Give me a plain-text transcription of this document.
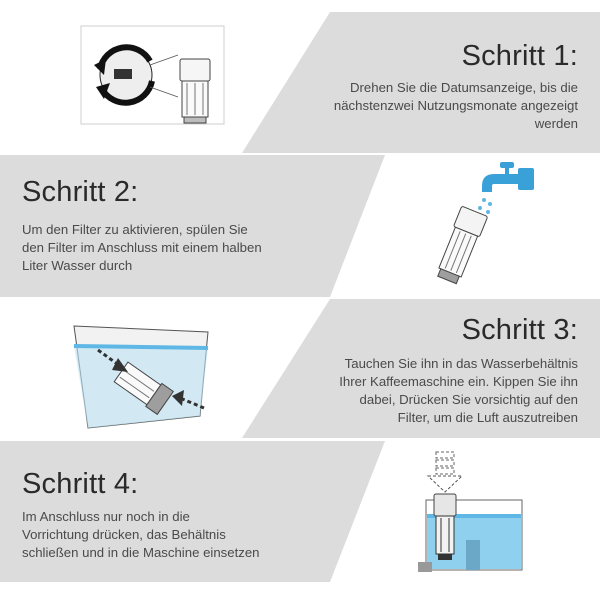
Schritt 1:
Drehen Sie die Datumsanzeige, bis die
nächstenzwei Nutzungsmonate angezeigt
werden
Schritt 2:
Um den Filter zu aktivieren, spülen Sie
den Filter im Anschluss mit einem halben
Liter Wasser durch
Schritt 3:
Tauchen Sie ihn in das Wasserbehältnis
Ihrer Kaffeemaschine ein. Kippen Sie ihn
dabei, Drücken Sie vorsichtig auf den
Filter, um die Luft auszutreiben
Schritt 4:
Im Anschluss nur noch in die
Vorrichtung drücken, das Behältnis
schließen und in die Maschine einsetzen
